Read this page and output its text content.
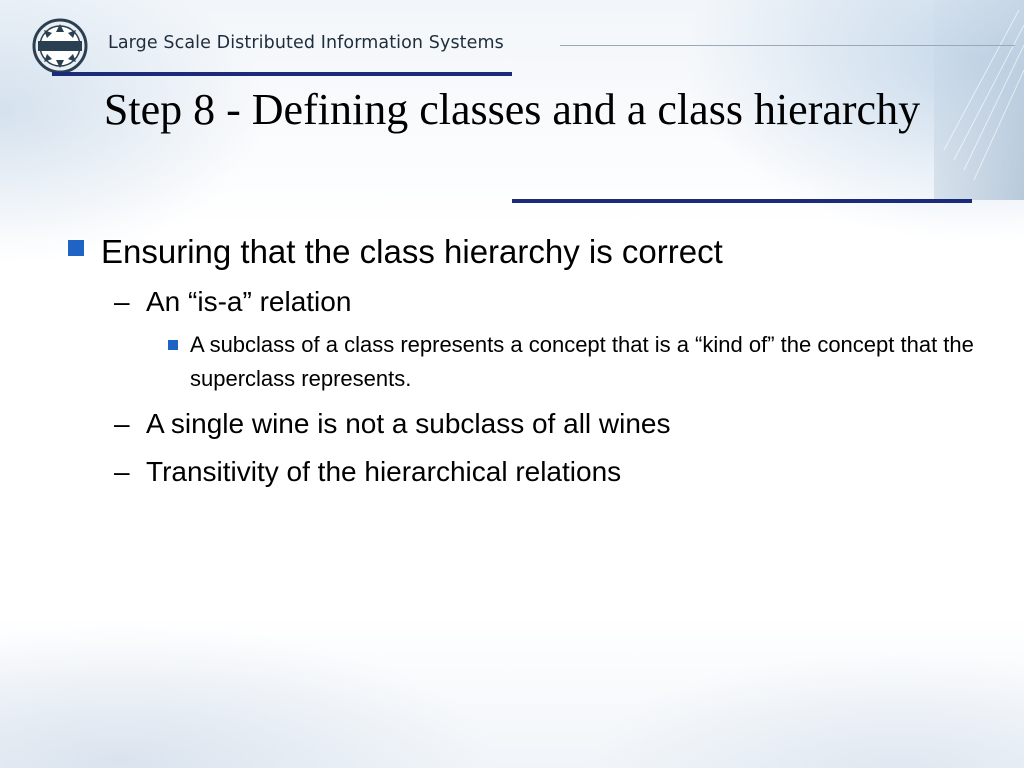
Large Scale Distributed Information Systems
Step 8 - Defining classes and a class hierarchy
Ensuring that the class hierarchy is correct
– An “is-a” relation
A subclass of a class represents a concept that is a “kind of” the concept that the superclass represents.
– A single wine is not a subclass of all wines
– Transitivity of the hierarchical relations
